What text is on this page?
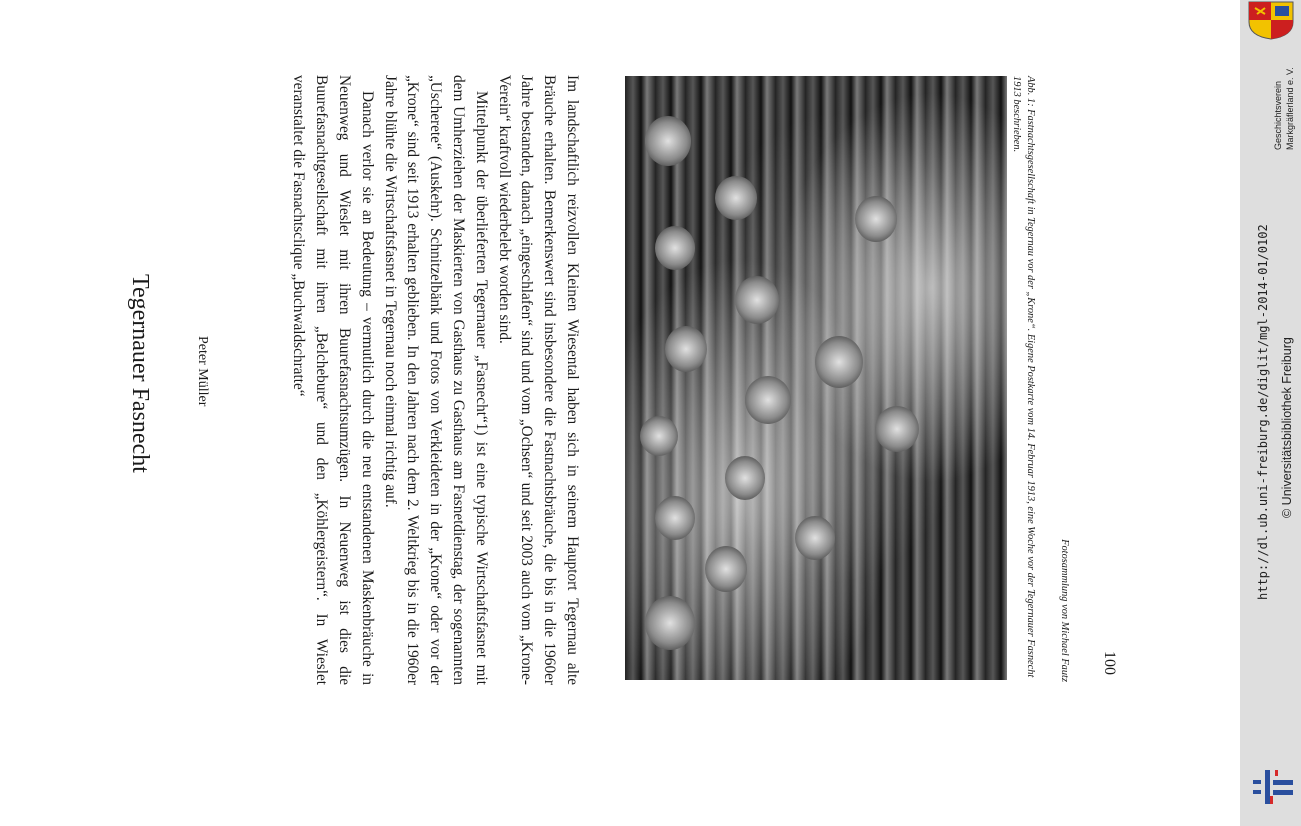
Tegernauer Fasnecht	Peter Müller	Im landschaftlich reizvollen Kleinen Wiesental haben sich in seinem Hauptort Tegernau alte Bräuche erhalten. Bemerkenswert sind insbesondere die Fastnachtsbräuche, die bis in die 1960er Jahre bestanden, danach „eingeschlafen“ sind und vom „Ochsen“ und seit 2003 auch vom „Krone-Verein“ kraftvoll wiederbelebt worden sind.

Mittelpunkt der überlieferten Tegernauer „Fasnecht“1) ist eine typische Wirtschaftsfasnet mit dem Umherziehen der Maskierten von Gasthaus zu Gasthaus am Fasnetdienstag, der sogenannten „Uscherete“ (Auskehr). Schnitzelbänk und Fotos von Verkleideten in der „Krone“ oder vor der „Krone“ sind seit 1913 erhalten geblieben. In den Jahren nach dem 2. Weltkrieg bis in die 1960er Jahre blühte die Wirtschaftsfasnet in Tegernau noch einmal richtig auf.

Danach verlor sie an Bedeutung – vermutlich durch die neu entstandenen Maskenbräuche in Neuenweg und Wieslet mit ihren Buurefasnachtsumzügen. In Neuenweg ist dies die Buurefasnachtgesellschaft mit ihren „Belchebure“ und den „Köhlergeistern“. In Wieslet veranstaltet die Fasnachtsclique „Buchwaldschratte“	Abb. 1: Fastnachtsgesellschaft in Tegernau vor der „Krone“. Eigene Postkarte vom 14. Februar 1913, eine Woche vor der Tegernauer Fasnecht 1913 beschrieben.
Fotosammlung von Michael Fautz 100
http://dl.ub.uni-freiburg.de/diglit/mgl-2014-01/0102 © Universitätsbibliothek Freiburg
Geschichtsverein Markgräflerland e. V.
